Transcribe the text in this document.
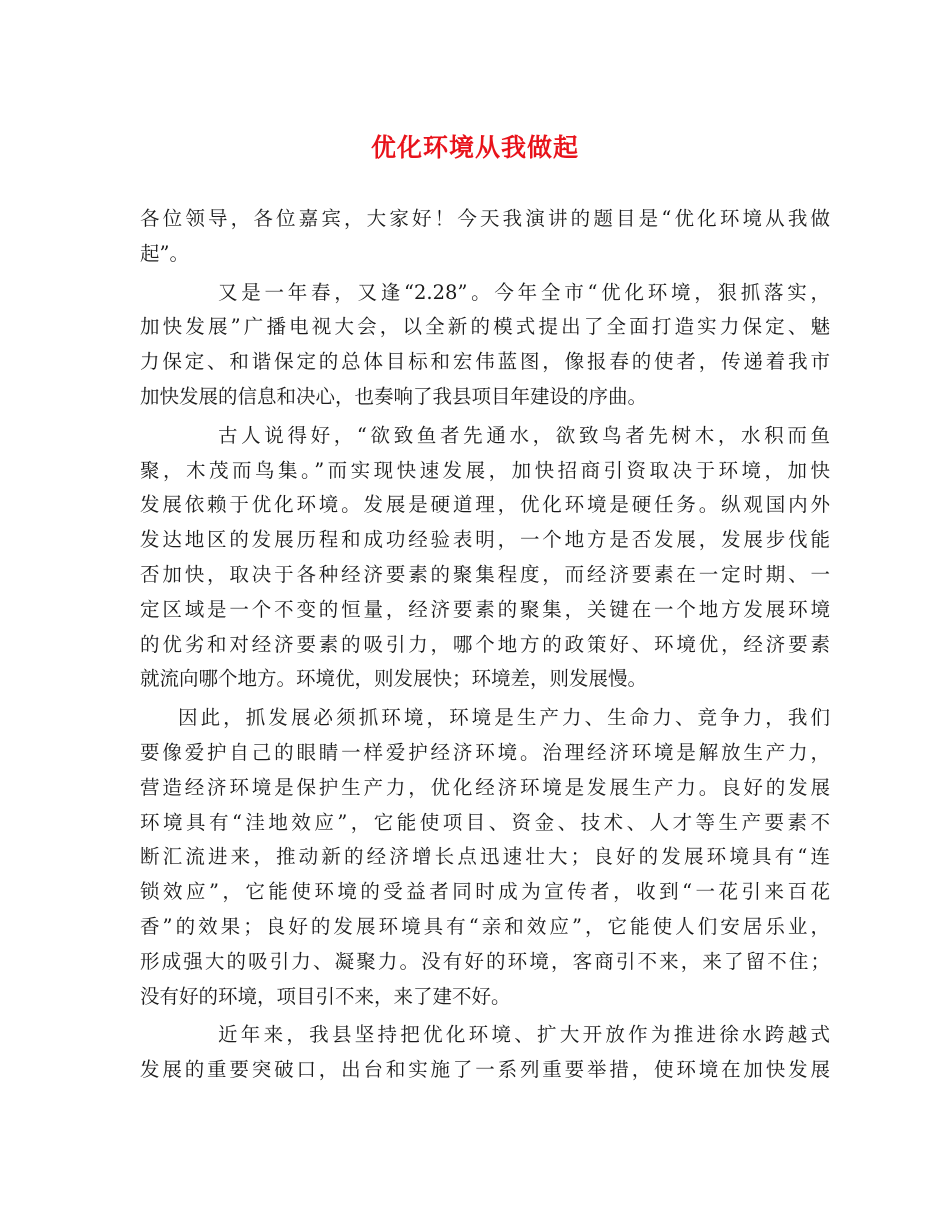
优化环境从我做起
各位领导，各位嘉宾，大家好！今天我演讲的题目是“优化环境从我做
起”。
又是一年春，又逢“2.28”。今年全市“优化环境，狠抓落实，
加快发展”广播电视大会，以全新的模式提出了全面打造实力保定、魅
力保定、和谐保定的总体目标和宏伟蓝图，像报春的使者，传递着我市
加快发展的信息和决心，也奏响了我县项目年建设的序曲。
古人说得好，“欲致鱼者先通水，欲致鸟者先树木，水积而鱼
聚，木茂而鸟集。”而实现快速发展，加快招商引资取决于环境，加快
发展依赖于优化环境。发展是硬道理，优化环境是硬任务。纵观国内外
发达地区的发展历程和成功经验表明，一个地方是否发展，发展步伐能
否加快，取决于各种经济要素的聚集程度，而经济要素在一定时期、一
定区域是一个不变的恒量，经济要素的聚集，关键在一个地方发展环境
的优劣和对经济要素的吸引力，哪个地方的政策好、环境优，经济要素
就流向哪个地方。环境优，则发展快；环境差，则发展慢。
因此，抓发展必须抓环境，环境是生产力、生命力、竞争力，我们
要像爱护自己的眼睛一样爱护经济环境。治理经济环境是解放生产力，
营造经济环境是保护生产力，优化经济环境是发展生产力。良好的发展
环境具有“洼地效应”，它能使项目、资金、技术、人才等生产要素不
断汇流进来，推动新的经济增长点迅速壮大；良好的发展环境具有“连
锁效应”，它能使环境的受益者同时成为宣传者，收到“一花引来百花
香”的效果；良好的发展环境具有“亲和效应”，它能使人们安居乐业，
形成强大的吸引力、凝聚力。没有好的环境，客商引不来，来了留不住；
没有好的环境，项目引不来，来了建不好。
近年来，我县坚持把优化环境、扩大开放作为推进徐水跨越式
发展的重要突破口，出台和实施了一系列重要举措，使环境在加快发展
